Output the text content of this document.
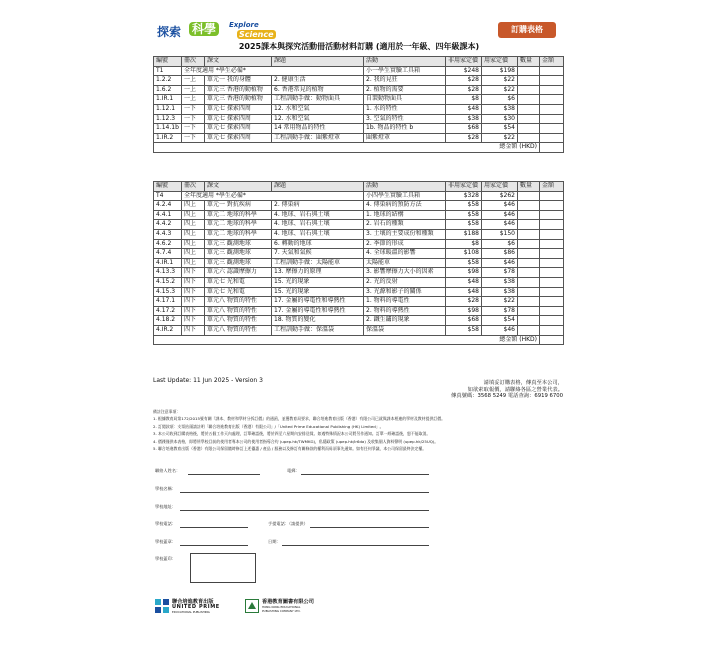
探索 科學	Explore
Science
訂購表格
2025課本與探究活動冊活動材料訂購 (適用於一年級、四年級課本)
編號	冊次	課文	課題	活動	非用家定價	用家定價	數量	金額
T1	全年度適用 *學生必備*			小一學生實驗工具箱	$248	$198		
1.2.2	一上	單元一 我的身體	2. 健康生活	2. 我的見狂	$28	$22		
1.6.2	一上	單元三 香港的動植物	6. 香港常見的植物	2. 植物的需要	$28	$22		
1.IR.1	一上	單元三 香港的動植物	工程訓動手做：動物面具	自製動物面具	$8	$6		
1.12.1	一下	單元七 探索四周	12. 水和空氣	1. 水的特性	$48	$38		
1.12.3	一下	單元七 探索四周	12. 水和空氣	3. 空氣的特性	$38	$30		
1.14.1b	一下	單元七 探索四周	14 常用物品的特性	1b. 物品的特性 b	$68	$54		
1.IR.2	一下	單元七 探索四周	工程訓動手做：圍紫燈罩	圍紫燈罩	$28	$22		
總金額 (HKD)								
編號	冊次	課文	課題	活動	非用家定價	用家定價	數量	金額
T4	全年度適用 *學生必備*			小四學生實驗工具箱	$328	$262		
4.2.4	四上	單元一 對抗疾病	2. 傳染病	4. 傳染病的預防方法	$58	$46		
4.4.1	四上	單元二 地球的科學	4. 地球、岩石與土壤	1. 地球的結構	$58	$46		
4.4.2	四上	單元二 地球的科學	4. 地球、岩石與土壤	2. 岩石的種類	$58	$46		
4.4.3	四上	單元二 地球的科學	4. 地球、岩石與土壤	3. 土壤的主要成份和種類	$188	$150		
4.6.2	四上	單元三 觀測地球	6. 轉動的地球	2. 季節的形成	$8	$6		
4.7.4	四上	單元三 觀測地球	7. 天氣和氣候	4. 全球暖溫的影響	$108	$86		
4.IR.1	四上	單元三 觀測地球	工程訓動手做：太陽能車	太陽能車	$58	$46		
4.13.3	四下	單元六 認識摩擦力	13. 摩擦力的原理	3. 影響摩擦力大小的因素	$98	$78		
4.15.2	四下	單元七 光和電	15. 光的現象	2. 光的反射	$48	$38		
4.15.3	四下	單元七 光和電	15. 光的現象	3. 光源和影子的關係	$48	$38		
4.17.1	四下	單元八 物質的特性	17. 金屬的導電性和導熱性	1. 物料的導電性	$28	$22		
4.17.2	四下	單元八 物質的特性	17. 金屬的導電性和導熱性	2. 物料的導熱性	$98	$78		
4.18.2	四下	單元八 物質的特性	18. 物質的變化	2. 鐵生鏽的現象	$68	$54		
4.IR.2	四下	單元八 物質的特性	工程訓動手做：保溫袋	保溫袋	$58	$46		
總金額 (HKD)								
Last Update: 11 Jun 2025 - Version 3	請填妥訂購表格，傳真至本公司，
如欲索取報價，請聯絡各區之營業代表。
傳真號碼：3568 5249 電話查詢：6919 6700
備註注意事項：
1. 根據教育局第172/2015號有關『課本、教材和學材分拆訂價』的通函，並獲教育局要求，聯合培進教育出版（香港）有限公司已就與課本相連的學材及教材提供訂價。
2. 訂閱款項：支票抬頭請註明「聯合培進教育出版（香港）有限公司」/「United Prime Educational Publishing (HK) Limited」。
3. 本公司收到訂購表格後，將於五個工作天內處理，訂單確認後，將於四至六星期內安排送貨。如遇特殊情況本公司將另作通知。訂單一經確認後，恕不能取消。
4. 價錢僅供本表格，即將所學校目前的使用者專本公司的使用者指導合約 (upep.hk/TWMKG)，私隱政策 (upep.hk/lr6da) 及收集個人資料聲明 (upep.hk/25UQ)。
5. 聯合培進教育出版（香港）有限公司保留隨時修訂上述優惠 / 產品 / 服務以及修訂有關條款的權利而毋須事先通知。如有任何爭議，本公司保留最終決定權。
聯絡人姓名：	電郵：
學校名稱：
學校地址：
學校電話：	手提電話：（請提供）
學校蓋章：	日期：
學校蓋印：
聯合培進教育出版
UNITED PRIME
EDUCATIONAL PUBLISHING
香港教育圖書有限公司
HONG KONG EDUCATIONAL
PUBLISHING COMPANY LTD.
